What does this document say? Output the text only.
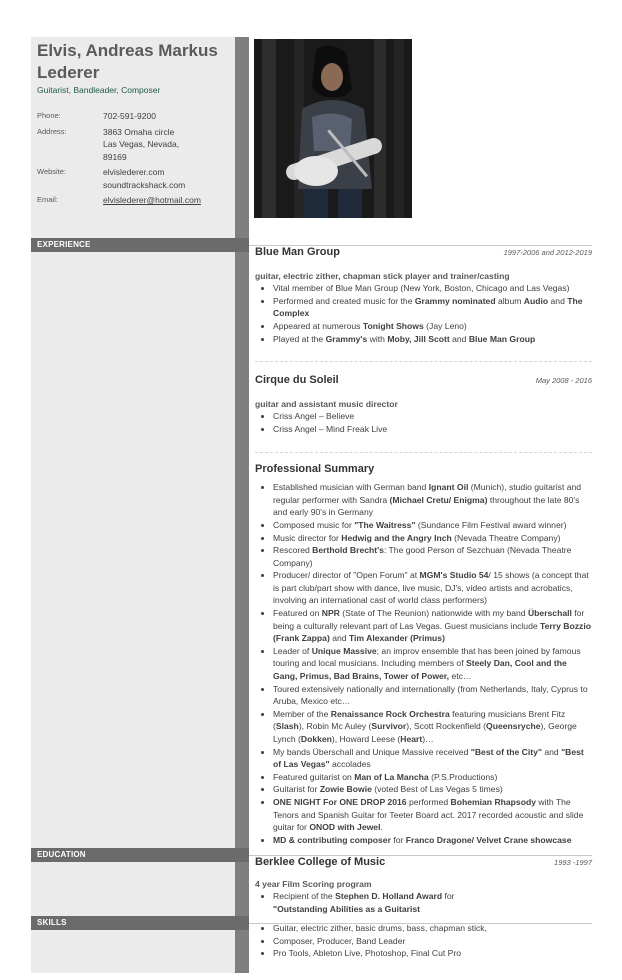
Elvis, Andreas Markus Lederer
Guitarist, Bandleader, Composer
Phone:	702-591-9200
Address:	3863 Omaha circle
Las Vegas, Nevada,
89169
Website:	elvislederer.com
soundtrackshack.com
Email:	elvislederer@hotmail.com
EXPERIENCE
EDUCATION
SKILLS
Blue Man Group	1997-2006 and 2012-2019
guitar, electric zither, chapman stick player and trainer/casting
• Vital member of Blue Man Group (New York, Boston, Chicago and Las Vegas)
• Performed and created music for the Grammy nominated album Audio and The Complex
• Appeared at numerous Tonight Shows (Jay Leno)
• Played at the Grammy's with Moby, Jill Scott and Blue Man Group
Cirque du Soleil	May 2008 - 2016
guitar and assistant music director
• Criss Angel – Believe
• Criss Angel – Mind Freak Live
Professional Summary
• Established musician with German band Ignant Oil (Munich), studio guitarist and regular performer with Sandra (Michael Cretu/ Enigma) throughout the late 80's and early 90's in Germany
• Composed music for "The Waitress" (Sundance Film Festival award winner)
• Music director for Hedwig and the Angry Inch (Nevada Theatre Company)
• Rescored Berthold Brecht's: The good Person of Sezchuan (Nevada Theatre Company)
• Producer/ director of "Open Forum" at MGM's Studio 54/ 15 shows (a concept that is part club/part show with dance, live music, DJ's, video artists and acrobatics, involving an international cast of world class performers)
• Featured on NPR (State of The Reunion) nationwide with my band Überschall for being a culturally relevant part of Las Vegas. Guest musicians include Terry Bozzio (Frank Zappa) and Tim Alexander (Primus)
• Leader of Unique Massive; an improv ensemble that has been joined by famous touring and local musicians. Including members of Steely Dan, Cool and the Gang, Primus, Bad Brains, Tower of Power, etc…
• Toured extensively nationally and internationally (from Netherlands, Italy, Cyprus to Aruba, Mexico etc…
• Member of the Renaissance Rock Orchestra featuring musicians Brent Fitz (Slash), Robin Mc Auley (Survivor), Scott Rockenfield (Queensryche), George Lynch (Dokken), Howard Leese (Heart)…
• My bands Überschall and Unique Massive received "Best of the City" and "Best of Las Vegas" accolades
• Featured guitarist on Man of La Mancha (P.S.Productions)
• Guitarist for Zowie Bowie (voted Best of Las Vegas 5 times)
• ONE NIGHT For ONE DROP 2016 performed Bohemian Rhapsody with The Tenors and Spanish Guitar for Teeter Board act. 2017 recorded acoustic and slide guitar for ONOD with Jewel.
• MD & contributing composer for Franco Dragone/ Velvet Crane showcase
Berklee College of Music	1993 -1997
4 year Film Scoring program
• Recipient of the Stephen D. Holland Award for
"Outstanding Abilities as a Guitarist
• Guitar, electric zither, basic drums, bass, chapman stick,
• Composer, Producer, Band Leader
• Pro Tools, Ableton Live, Photoshop, Final Cut Pro
